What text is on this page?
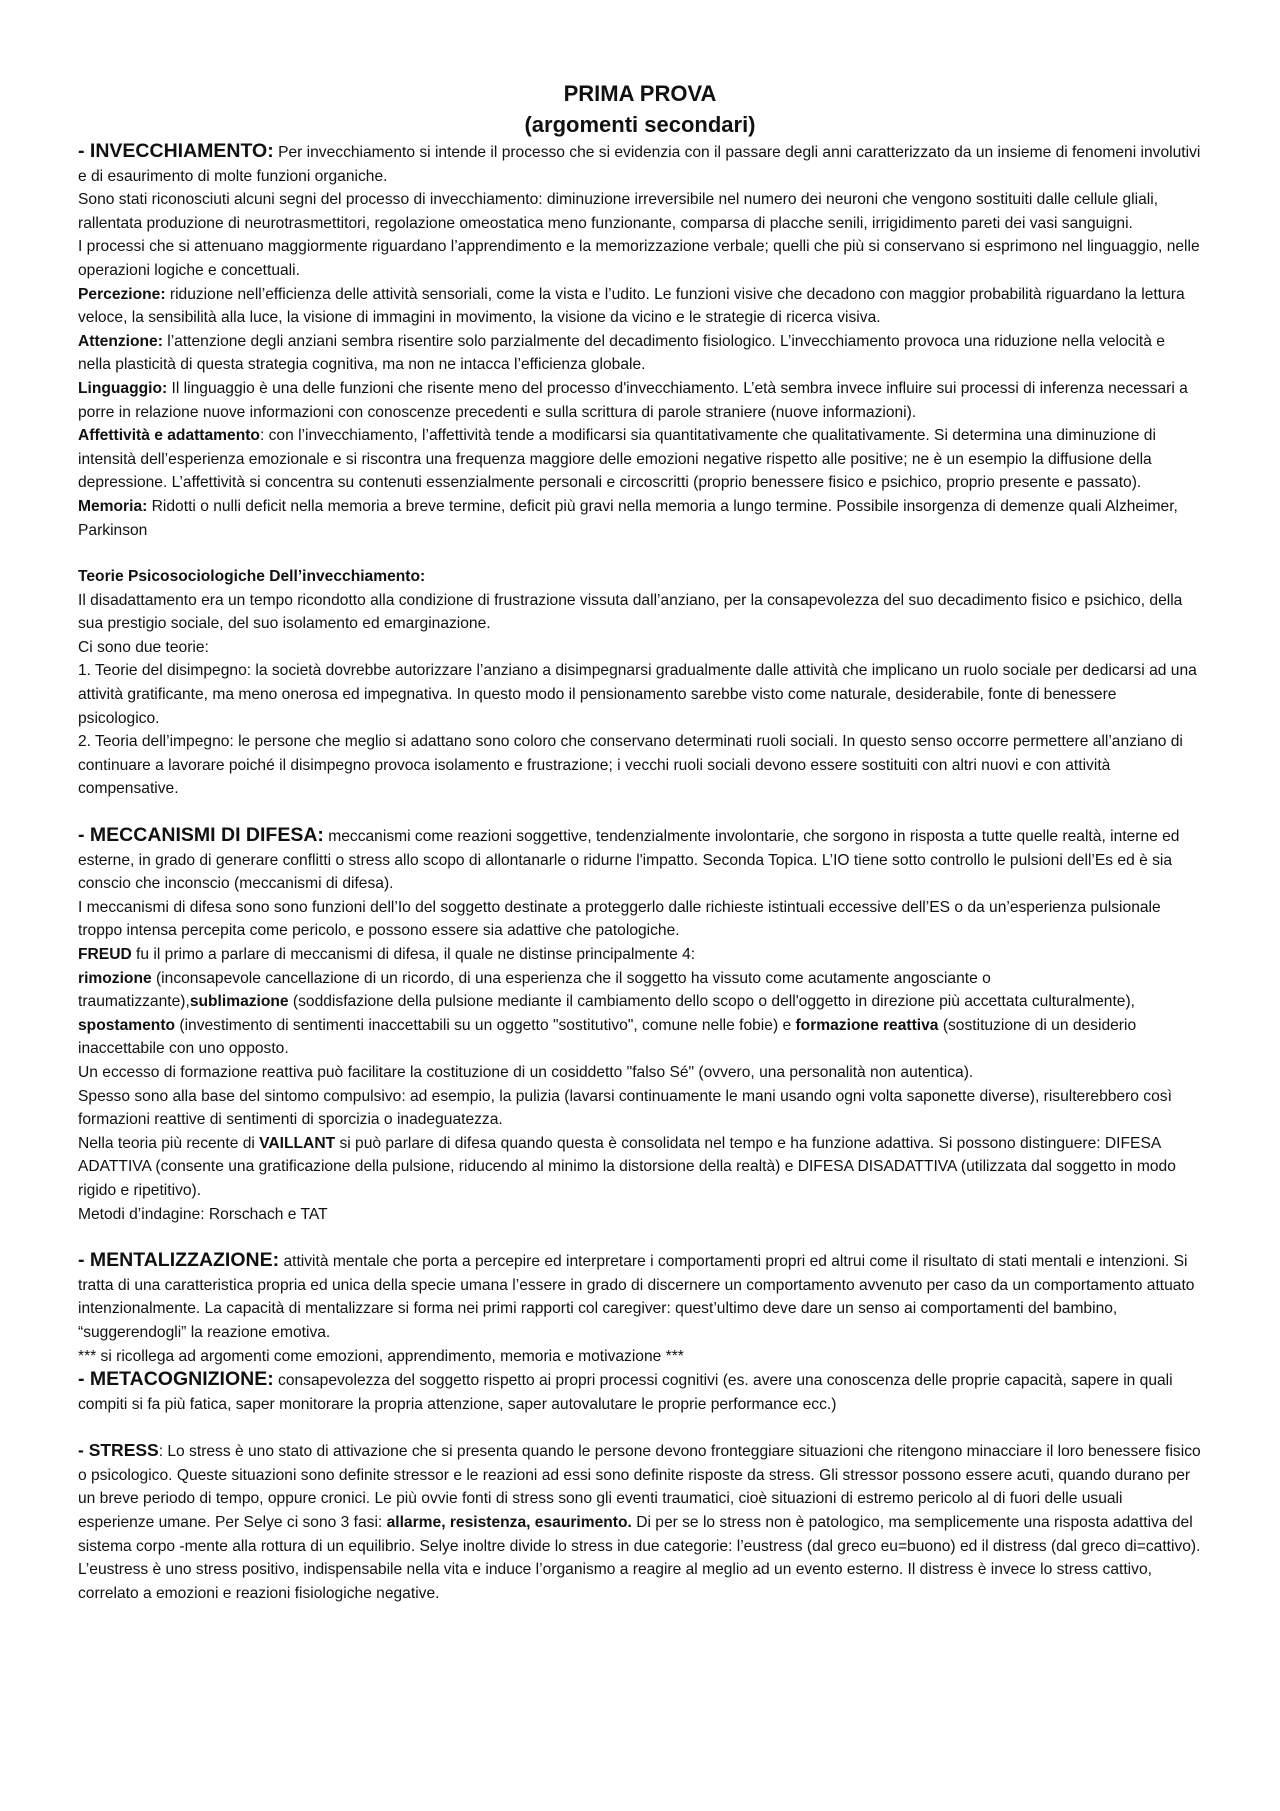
PRIMA PROVA
(argomenti secondari)

- INVECCHIAMENTO: Per invecchiamento si intende il processo che si evidenzia con il passare degli anni caratterizzato da un insieme di fenomeni involutivi e di esaurimento di molte funzioni organiche.

Sono stati riconosciuti alcuni segni del processo di invecchiamento: diminuzione irreversibile nel numero dei neuroni che vengono sostituiti dalle cellule gliali, rallentata produzione di neurotrasmettitori, regolazione omeostatica meno funzionante, comparsa di placche senili, irrigidimento pareti dei vasi sanguigni.

I processi che si attenuano maggiormente riguardano l’apprendimento e la memorizzazione verbale; quelli che più si conservano si esprimono nel linguaggio, nelle operazioni logiche e concettuali.

Percezione: riduzione nell’efficienza delle attività sensoriali, come la vista e l’udito. Le funzioni visive che decadono con maggior probabilità riguardano la lettura veloce, la sensibilità alla luce, la visione di immagini in movimento, la visione da vicino e le strategie di ricerca visiva.

Attenzione: l’attenzione degli anziani sembra risentire solo parzialmente del decadimento fisiologico. L’invecchiamento provoca una riduzione nella velocità e nella plasticità di questa strategia cognitiva, ma non ne intacca l’efficienza globale.

Linguaggio: Il linguaggio è una delle funzioni che risente meno del processo d'invecchiamento. L’età sembra invece influire sui processi di inferenza necessari a porre in relazione nuove informazioni con conoscenze precedenti e sulla scrittura di parole straniere (nuove informazioni).

Affettività e adattamento: con l’invecchiamento, l’affettività tende a modificarsi sia quantitativamente che qualitativamente. Si determina una diminuzione di intensità dell’esperienza emozionale e si riscontra una frequenza maggiore delle emozioni negative rispetto alle positive; ne è un esempio la diffusione della depressione. L’affettività si concentra su contenuti essenzialmente personali e circoscritti (proprio benessere fisico e psichico, proprio presente e passato).

Memoria: Ridotti o nulli deficit nella memoria a breve termine, deficit più gravi nella memoria a lungo termine. Possibile insorgenza di demenze quali Alzheimer, Parkinson

Teorie Psicosociologiche Dell’invecchiamento:

Il disadattamento era un tempo ricondotto alla condizione di frustrazione vissuta dall’anziano, per la consapevolezza del suo decadimento fisico e psichico, della sua prestigio sociale, del suo isolamento ed emarginazione.

Ci sono due teorie:

1. Teorie del disimpegno: la società dovrebbe autorizzare l’anziano a disimpegnarsi gradualmente dalle attività che implicano un ruolo sociale per dedicarsi ad una attività gratificante, ma meno onerosa ed impegnativa. In questo modo il pensionamento sarebbe visto come naturale, desiderabile, fonte di benessere psicologico.

2. Teoria dell’impegno: le persone che meglio si adattano sono coloro che conservano determinati ruoli sociali. In questo senso occorre permettere all’anziano di continuare a lavorare poiché il disimpegno provoca isolamento e frustrazione; i vecchi ruoli sociali devono essere sostituiti con altri nuovi e con attività compensative.

- MECCANISMI DI DIFESA: meccanismi come reazioni soggettive, tendenzialmente involontarie, che sorgono in risposta a tutte quelle realtà, interne ed esterne, in grado di generare conflitti o stress allo scopo di allontanarle o ridurne l'impatto. Seconda Topica. L’IO tiene sotto controllo le pulsioni dell’Es ed è sia conscio che inconscio (meccanismi di difesa).

I meccanismi di difesa sono sono funzioni dell’Io del soggetto destinate a proteggerlo dalle richieste istintuali eccessive dell’ES o da un’esperienza pulsionale troppo intensa percepita come pericolo, e possono essere sia adattive che patologiche.

FREUD fu il primo a parlare di meccanismi di difesa, il quale ne distinse principalmente 4:

rimozione (inconsapevole cancellazione di un ricordo, di una esperienza che il soggetto ha vissuto come acutamente angosciante o traumatizzante),sublimazione (soddisfazione della pulsione mediante il cambiamento dello scopo o dell'oggetto in direzione più accettata culturalmente), spostamento (investimento di sentimenti inaccettabili su un oggetto "sostitutivo", comune nelle fobie) e formazione reattiva (sostituzione di un desiderio inaccettabile con uno opposto.

Un eccesso di formazione reattiva può facilitare la costituzione di un cosiddetto "falso Sé" (ovvero, una personalità non autentica).

Spesso sono alla base del sintomo compulsivo: ad esempio, la pulizia (lavarsi continuamente le mani usando ogni volta saponette diverse), risulterebbero così formazioni reattive di sentimenti di sporcizia o inadeguatezza.

Nella teoria più recente di VAILLANT si può parlare di difesa quando questa è consolidata nel tempo e ha funzione adattiva. Si possono distinguere: DIFESA ADATTIVA (consente una gratificazione della pulsione, riducendo al minimo la distorsione della realtà) e DIFESA DISADATTIVA (utilizzata dal soggetto in modo rigido e ripetitivo).

Metodi d’indagine: Rorschach e TAT

- MENTALIZZAZIONE: attività mentale che porta a percepire ed interpretare i comportamenti propri ed altrui come il risultato di stati mentali e intenzioni. Si tratta di una caratteristica propria ed unica della specie umana l’essere in grado di discernere un comportamento avvenuto per caso da un comportamento attuato intenzionalmente. La capacità di mentalizzare si forma nei primi rapporti col caregiver: quest’ultimo deve dare un senso ai comportamenti del bambino, “suggerendogli” la reazione emotiva.

*** si ricollega ad argomenti come emozioni, apprendimento, memoria e motivazione ***

- METACOGNIZIONE: consapevolezza del soggetto rispetto ai propri processi cognitivi (es. avere una conoscenza delle proprie capacità, sapere in quali compiti si fa più fatica, saper monitorare la propria attenzione, saper autovalutare le proprie performance ecc.)

- STRESS: Lo stress è uno stato di attivazione che si presenta quando le persone devono fronteggiare situazioni che ritengono minacciare il loro benessere fisico o psicologico. Queste situazioni sono definite stressor e le reazioni ad essi sono definite risposte da stress. Gli stressor possono essere acuti, quando durano per un breve periodo di tempo, oppure cronici. Le più ovvie fonti di stress sono gli eventi traumatici, cioè situazioni di estremo pericolo al di fuori delle usuali esperienze umane. Per Selye ci sono 3 fasi: allarme, resistenza, esaurimento. Di per se lo stress non è patologico, ma semplicemente una risposta adattiva del sistema corpo -mente alla rottura di un equilibrio. Selye inoltre divide lo stress in due categorie: l’eustress (dal greco eu=buono) ed il distress (dal greco di=cattivo). L’eustress è uno stress positivo, indispensabile nella vita e induce l’organismo a reagire al meglio ad un evento esterno. Il distress è invece lo stress cattivo, correlato a emozioni e reazioni fisiologiche negative.
